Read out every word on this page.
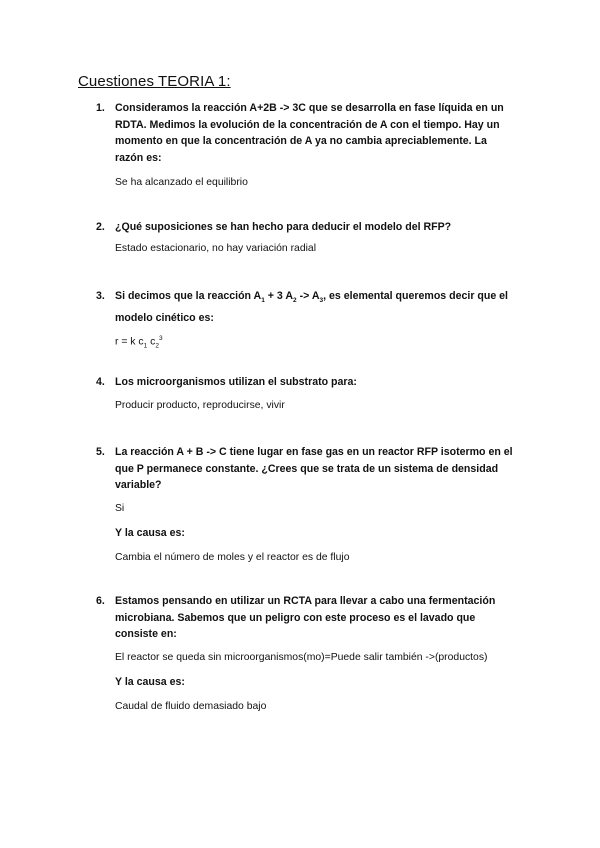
Cuestiones TEORIA 1:
1. Consideramos la reacción A+2B -> 3C que se desarrolla en fase líquida en un RDTA. Medimos la evolución de la concentración de A con el tiempo. Hay un momento en que la concentración de A ya no cambia apreciablemente. La razón es:

Se ha alcanzado el equilibrio

2. ¿Qué suposiciones se han hecho para deducir el modelo del RFP?

Estado estacionario, no hay variación radial

3. Si decimos que la reacción $A_1 + 3$ $A_2 -> A_3$, es elemental queremos decir que el modelo cinético es:

r = k $c_1$ $c_2^3$

4. Los microorganismos utilizan el substrato para:

Producir producto, reproducirse, vivir

5. La reacción A + B -> C tiene lugar en fase gas en un reactor RFP isotermo en el que P permanece constante. ¿Crees que se trata de un sistema de densidad variable?

Si

Y la causa es:

Cambia el número de moles y el reactor es de flujo

6. Estamos pensando en utilizar un RCTA para llevar a cabo una fermentación microbiana. Sabemos que un peligro con este proceso es el lavado que consiste en:

El reactor se queda sin microorganismos(mo)=Puede salir también ->(productos)

Y la causa es:

Caudal de fluido demasiado bajo
